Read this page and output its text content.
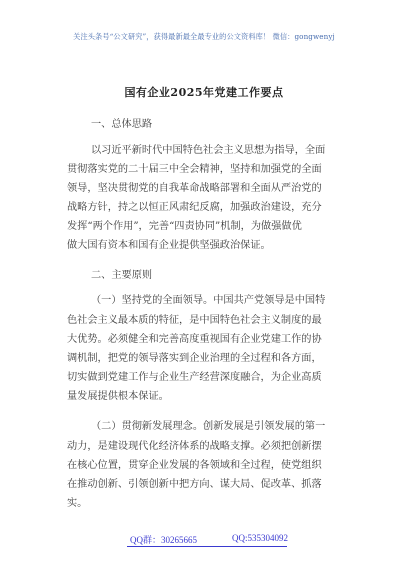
关注头条号“公文研究”，获得最新最全最专业的公文资料库！ 微信：gongwenyj
国有企业2025年党建工作要点
一、总体思路
以习近平新时代中国特色社会主义思想为指导，全面
贯彻落实党的二十届三中全会精神，坚持和加强党的全面
领导，坚决贯彻党的自我革命战略部署和全面从严治党的
战略方针，持之以恒正风肃纪反腐，加强政治建设，充分
发挥“两个作用”，完善“四责协同”机制，为做强做优
做大国有资本和国有企业提供坚强政治保证。
二、主要原则
（一）坚持党的全面领导。中国共产党领导是中国特
色社会主义最本质的特征，是中国特色社会主义制度的最
大优势。必须健全和完善高度重视国有企业党建工作的协
调机制，把党的领导落实到企业治理的全过程和各方面，
切实做到党建工作与企业生产经营深度融合，为企业高质
量发展提供根本保证。
（二）贯彻新发展理念。创新发展是引领发展的第一
动力，是建设现代化经济体系的战略支撑。必须把创新摆
在核心位置，贯穿企业发展的各领域和全过程，使党组织
在推动创新、引领创新中把方向、谋大局、促改革、抓落
实。
QQ群：30265665	QQ:535304092
